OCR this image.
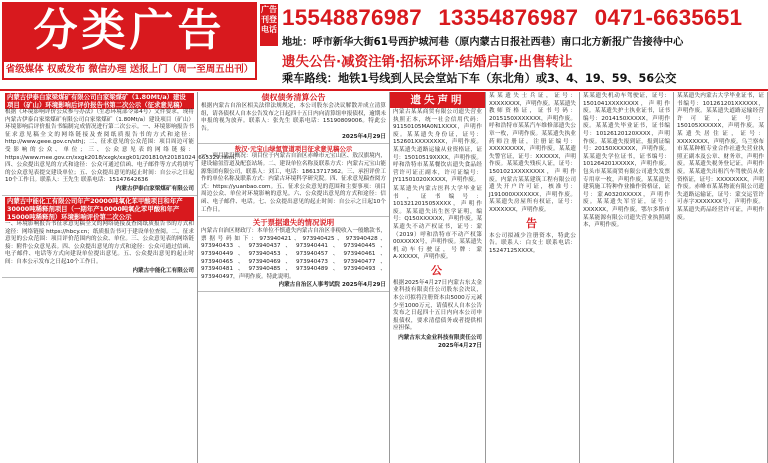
分类广告
省级媒体 权威发布 微信办理 送报上门（周一至周五出刊）
广告刊登电话 15548876987 13354876987 0471-6635651
地址：呼市新华大街61号西护城河巷（原内蒙古日报社西巷）南口北方新报广告接待中心
遗失公告·减资注销·招标环评·结婚启事·出售转让
乘车路线：地铁1号线到人民会堂站下车（东北角）或3、4、19、59、56公交
内蒙古伊泰白家梁煤矿有限公司白家梁煤矿（1.80Mt/a）建设项目（矿山）环境影响后评价报告书第二次公示（征求意见稿）
根据《环境影响评价公众参与办法》（生态环境部令第4号）文件要求，现将内蒙古伊泰白家梁煤矿有限公司白家梁煤矿（1.80Mt/a）建设项目（矿山）环境影响后评价报告书编制完成情况进行第二次公示。一、环境影响报告书征求意见稿全文的网络链接及查阅纸质报告书的方式和途径：http://www.geee.gov.cn/sthj；二、征求意见的公众范围：项目周边可能受影响的公众、单位；三、公众意见表的网络链接：https://www.mee.gov.cn/xxgk2018/xxgk/xxgk01/201810/t20181024_665329.html；四、公众提出意见的方式和途径：公众可通过信函、电子邮件等方式将填写的公众意见表提交建设单位；五、公众提出意见的起止时间：自公示之日起10个工作日。联系人：王先生 联系电话：15147642636
内蒙古伊泰白家梁煤矿有限公司
内蒙古中能化工有限公司年产20000吨氧化苯甲酸项目和年产30000吨稀释剂项目（一期年产10000吨氧化苯甲酸和年产15000吨稀释剂）环境影响评价第二次公示
一、环境影响报告书征求意见稿全文的网络链接及查阅纸质报告书的方式和途径：网络链接 https://hbcy.cn；纸质报告书可于建设单位查阅。二、征求意见的公众范围：项目评价范围内的公众、单位。三、公众意见表的网络链接：附件公众意见表。四、公众提出意见的方式和途径：公众可通过信函、电子邮件、电话等方式向建设单位提出意见。五、公众提出意见的起止时间：自本公示发布之日起10个工作日。
内蒙古中能化工有限公司
债权债务清算公告
根据内蒙古自治区相关法律法规规定，本公司股东会决议解散并成立清算组，请各债权人自本公告发布之日起四十五日内向清算组申报债权，逾期未申报的视为放弃。联系人：张先生 联系电话：15190809006。特此公告。
2025年4月29日
敖汉·元宝山绿氢管道项目征求意见稿公示
一、项目建设概况：项目位于内蒙古自治区赤峰市元宝山区、敖汉旗境内，建设输氢管道及配套站场。二、建设单位名称及联系方式：内蒙古元宝山能源集团有限公司，联系人：刘工，电话：18613717362。三、承担评价工作的单位名称及联系方式：内蒙古环境科学研究院。四、征求意见稿查阅方式：https://yuanbao.com。五、征求公众意见的范围和主要事项：项目周边公众、单位对环境影响的意见。六、公众提出意见的方式和途径：信函、电子邮件、电话。七、公众提出意见的起止时间：自公示之日起10个工作日。
关于票据遗失的情况说明
内蒙古自治区财政厅：本单位不慎遗失内蒙古自治区非税收入一般缴款书，票据号码如下：973940421、973940425、973940428、973940433、973940437、973940441、973940445、973940449、973940453、973940457、973940461、973940465、973940469、973940473、973940477、973940481、973940485、973940489、973940493、973940497，声明作废。特此说明。
内蒙古自治区人事考试院 2025年4月29日
遗失声明

内蒙古某某商贸有限公司遗失营业执照正本，统一社会信用代码：91150105MA0N1XXXX，声明作废。某某遗失身份证，证号：152601XXXXXXXX，声明作废。某某遗失道路运输从业资格证，证号：15010519XXXX，声明作废。呼和浩特市某某餐饮店遗失食品经营许可证正副本，许可证编号：JY11501020XXXXX，声明作废。

某某遗失内蒙古医科大学毕业证书，证书编号：101321201505XXXX，声明作废。某某遗失出生医学证明，编号：Q150XXXXXX，声明作废。某某遗失不动产权证书，证号：蒙（2019）呼和浩特市不动产权第00XXXXX号，声明作废。某某遗失机动车行驶证，号牌：蒙A·XXXXX，声明作废。

公

根据2025年4月27日内蒙古东太金业科技有限责任公司股东会决议，本公司拟将注册资本由5000万元减少至1000万元，请债权人自本公告发布之日起四十五日内向本公司申报债权，要求清偿债务或者提供相应担保。

内蒙古东太金业科技有限责任公司 2025年4月27日

某某遗失士兵证，证号：XXXXXXXX，声明作废。某某遗失教师资格证，证书号码：2015150XXXXXXX，声明作废。呼和浩特市某某汽车维修部遗失公章一枚，声明作废。某某遗失执业药师注册证，注册证编号：XXXXXXXXX，声明作废。某某遗失警官证，证号：XXXXXX，声明作废。某某遗失残疾人证，证号：1501021XXXXXXXX，声明作废。内蒙古某某建筑工程有限公司遗失开户许可证，核准号：J191000XXXXXXX，声明作废。某某遗失房屋所有权证，证号：XXXXXXX，声明作废。

告

本公司拟减少注册资本，特此公告。联系人：白女士 联系电话：15247125XXXX。

某某遗失机动车驾驶证，证号：1501041XXXXXXXX，声明作废。某某遗失护士执业证书，证书编号：2014150XXXXX，声明作废。某某遗失毕业证书，证书编号：10126120120XXXX，声明作废。某某遗失报到证，报到证编号：20150XXXXXX，声明作废。某某遗失学位证书，证书编号：101264201XXXXX，声明作废。包头市某某商贸有限公司遗失发票专用章一枚，声明作废。某某遗失建筑施工特种作业操作资格证，证号：蒙A0320XXXXX，声明作废。某某遗失军官证，证号：XXXXXX，声明作废。鄂尔多斯市某某能源有限公司遗失营业执照副本，声明作废。

某某遗失内蒙古大学毕业证书，证书编号：101261201XXXXXX，声明作废。某某遗失道路运输经营许可证，证号：150105XXXXXX，声明作废。某某遗失居住证，证号：XXXXXXXX，声明作废。乌兰察布市某某种植专业合作社遗失营业执照正副本及公章、财务章，声明作废。某某遗失税务登记证，声明作废。某某遗失出租汽车驾驶员从业资格证，证号：XXXXXXXX，声明作废。赤峰市某某物流有限公司遗失道路运输证，证号：蒙交运管许可赤字XXXXXXX号，声明作废。某某遗失药品经营许可证，声明作废。
